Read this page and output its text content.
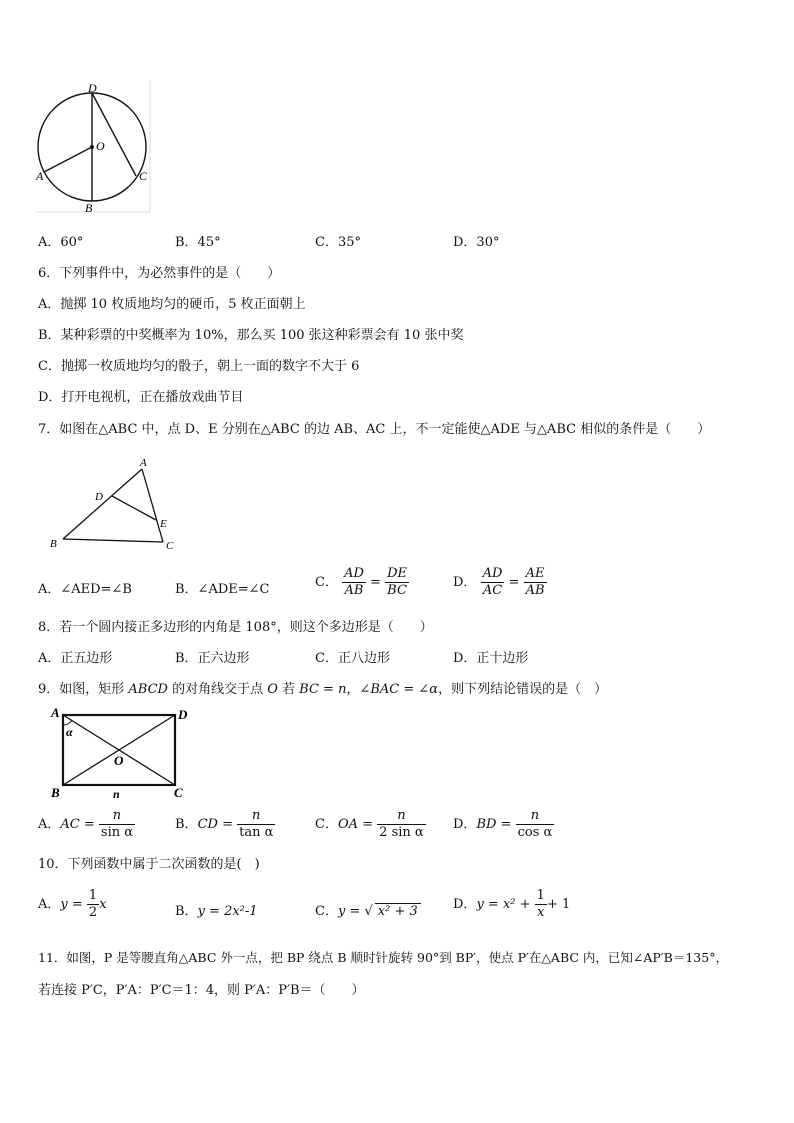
D
O
A	C
B
A．60°	B．45°	C．35°	D．30°
6．下列事件中，为必然事件的是（　　）
A．抛掷 10 枚质地均匀的硬币，5 枚正面朝上
B．某种彩票的中奖概率为 10%，那么买 100 张这种彩票会有 10 张中奖
C．抛掷一枚质地均匀的骰子，朝上一面的数字不大于 6
D．打开电视机，正在播放戏曲节目
7．如图在△ABC 中，点 D、E 分别在△ABC 的边 AB、AC 上，不一定能使△ADE 与△ABC 相似的条件是（　　）
A
D
E
B	C
A．∠AED=∠B	B．∠ADE=∠C	C． $\frac{AD}{AB} = \frac{DE}{BC}$	D． $\frac{AD}{AC} = \frac{AE}{AB}$
8．若一个圆内接正多边形的内角是 108°，则这个多边形是（　　）
A．正五边形	B．正六边形	C．正八边形	D．正十边形
9．如图，矩形 ABCD 的对角线交于点 O 若 BC = n，∠BAC = ∠α，则下列结论错误的是（　）
A	D
B	C
O
α
n
A．AC = $\frac{n}{\text{sin α}}$	B．CD = $\frac{n}{\text{tan α}}$	C．OA = $\frac{n}{\text{2 sin α}}$ D．BD = $\frac{n}{\text{cos α}}$
10．下列函数中属于二次函数的是(　)
A．$y = \frac{1}{2}$ x	B．y = 2x²-1	C．y = √ x² + 3	D．$y = x^2 + \frac{1}{x} + 1$
11．如图，P 是等腰直角△ABC 外一点，把 BP 绕点 B 顺时针旋转 90°到 BP′，使点 P′在△ABC 内，已知∠AP′B＝135°，
若连接 P′C，P′A：P′C＝1：4，则 P′A：P′B＝（　　）
